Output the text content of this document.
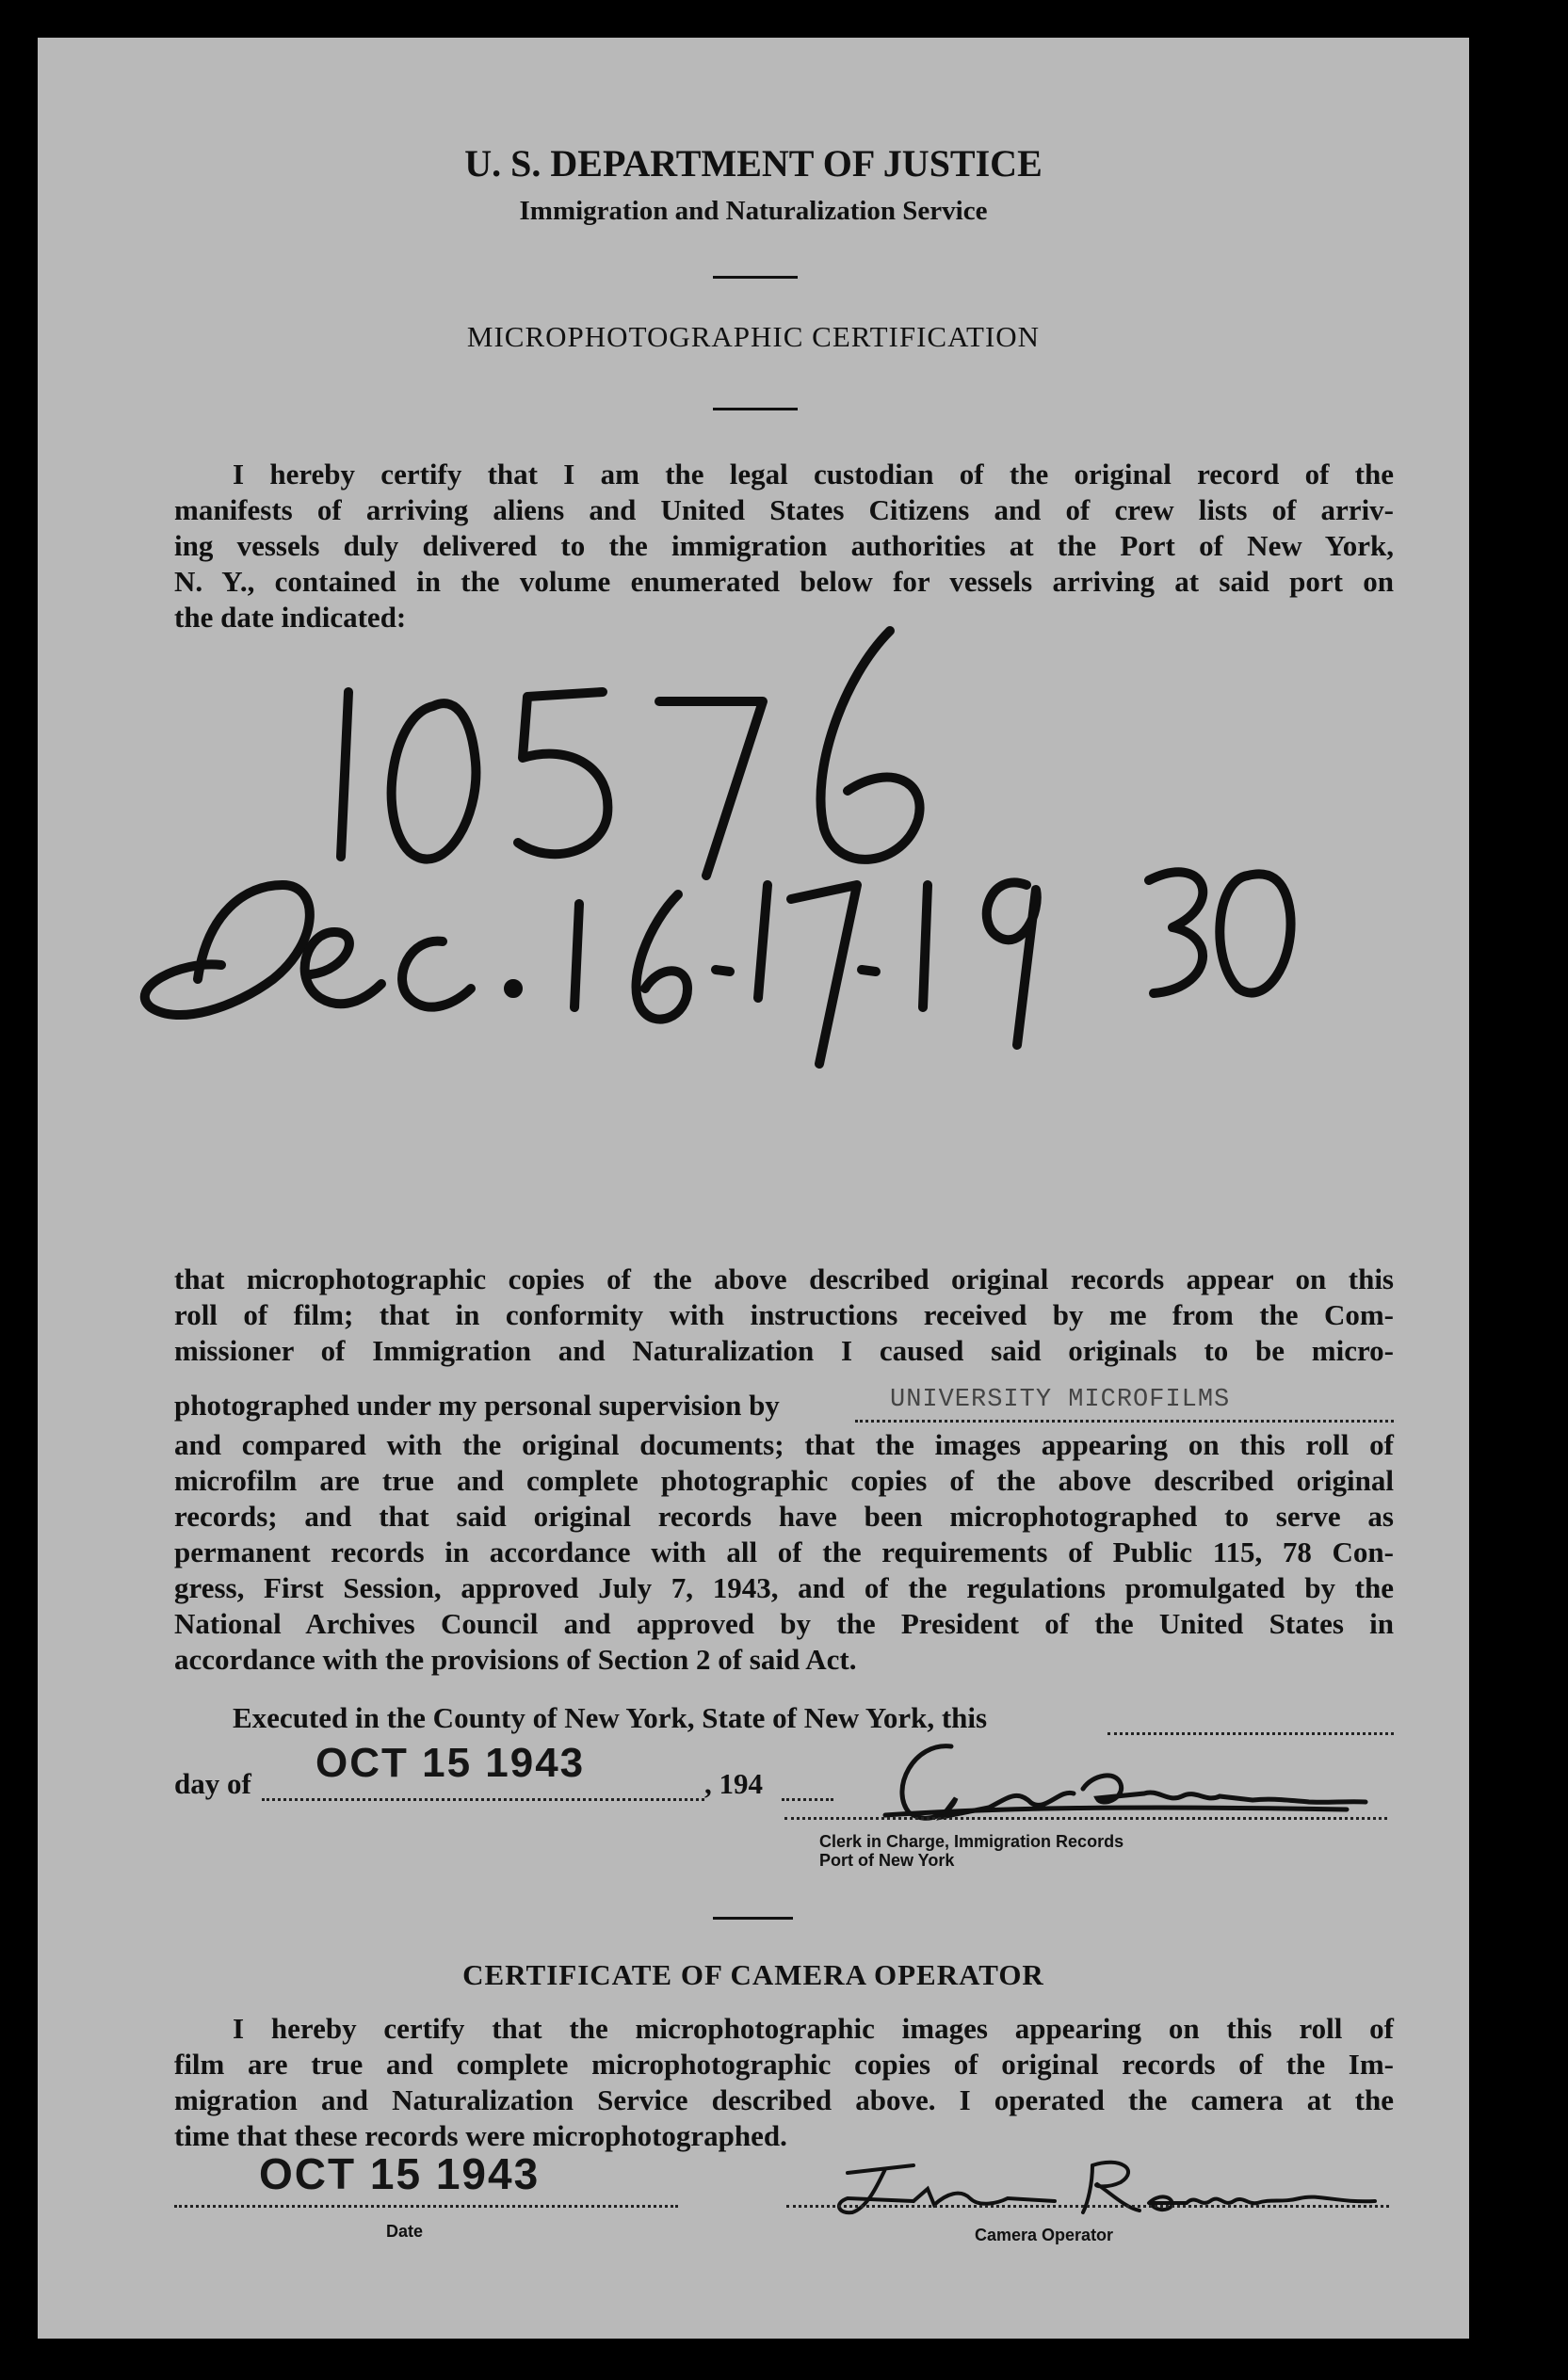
U. S. DEPARTMENT OF JUSTICE
Immigration and Naturalization Service
MICROPHOTOGRAPHIC CERTIFICATION
I hereby certify that I am the legal custodian of the original record of the
manifests of arriving aliens and United States Citizens and of crew lists of arriv-
ing vessels duly delivered to the immigration authorities at the Port of New York,
N. Y., contained in the volume enumerated below for vessels arriving at said port on
the date indicated:
that microphotographic copies of the above described original records appear on this
roll of film; that in conformity with instructions received by me from the Com-
missioner of Immigration and Naturalization I caused said originals to be micro-
photographed under my personal supervision by	UNIVERSITY MICROFILMS
and compared with the original documents; that the images appearing on this roll of
microfilm are true and complete photographic copies of the above described original
records; and that said original records have been microphotographed to serve as
permanent records in accordance with all of the requirements of Public 115, 78 Con-
gress, First Session, approved July 7, 1943, and of the regulations promulgated by the
National Archives Council and approved by the President of the United States in
accordance with the provisions of Section 2 of said Act.
Executed in the County of New York, State of New York, this
day of	, 194
OCT 15 1943
Clerk in Charge, Immigration Records
Port of New York
CERTIFICATE OF CAMERA OPERATOR
I hereby certify that the microphotographic images appearing on this roll of
film are true and complete microphotographic copies of original records of the Im-
migration and Naturalization Service described above. I operated the camera at the
time that these records were microphotographed.
OCT 15 1943
Date	Camera Operator
